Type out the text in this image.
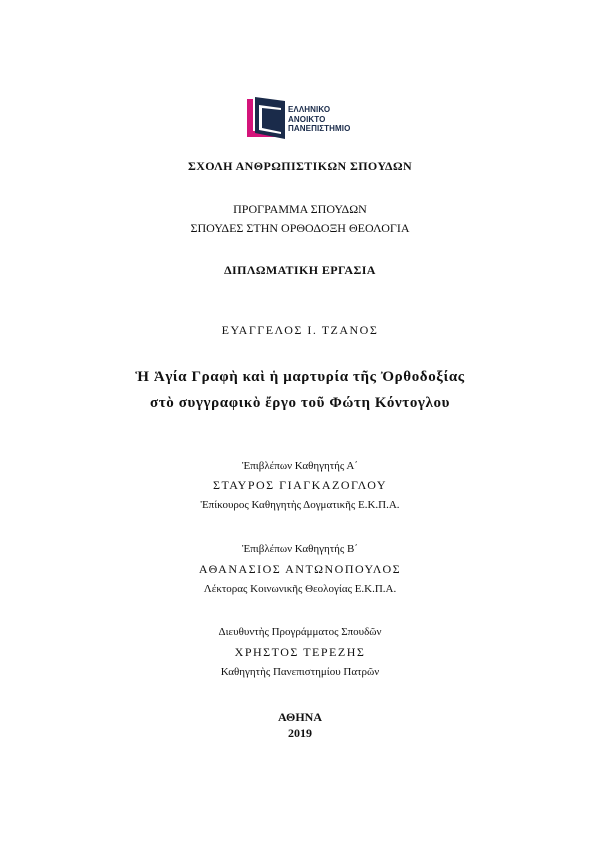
ΕΛΛΗΝΙΚΟ
ΑΝΟΙΚΤΟ
ΠΑΝΕΠΙΣΤΗΜΙΟ
ΣΧΟΛΗ ΑΝΘΡΩΠΙΣΤΙΚΩΝ ΣΠΟΥΔΩΝ
ΠΡΟΓΡΑΜΜΑ ΣΠΟΥΔΩΝ
ΣΠΟΥΔΕΣ ΣΤΗΝ ΟΡΘΟΔΟΞΗ ΘΕΟΛΟΓΙΑ
ΔΙΠΛΩΜΑΤΙΚΗ ΕΡΓΑΣΙΑ
ΕΥΑΓΓΕΛΟΣ Ι. ΤΖΑΝΟΣ
Ἡ Ἁγία Γραφὴ καὶ ἡ μαρτυρία τῆς Ὀρθοδοξίας
στὸ συγγραφικὸ ἔργο τοῦ Φώτη Κόντογλου
Ἐπιβλέπων Καθηγητής Α΄
ΣΤΑΥΡΟΣ ΓΙΑΓΚΑΖΟΓΛΟΥ
Ἐπίκουρος Καθηγητὴς Δογματικῆς Ε.Κ.Π.Α.
Ἐπιβλέπων Καθηγητής Β΄
ΑΘΑΝΑΣΙΟΣ ΑΝΤΩΝΟΠΟΥΛΟΣ
Λέκτορας Κοινωνικῆς Θεολογίας Ε.Κ.Π.Α.
Διευθυντὴς Προγράμματος Σπουδῶν
ΧΡΗΣΤΟΣ ΤΕΡΕΖΗΣ
Καθηγητὴς Πανεπιστημίου Πατρῶν
ΑΘΗΝΑ
2019
